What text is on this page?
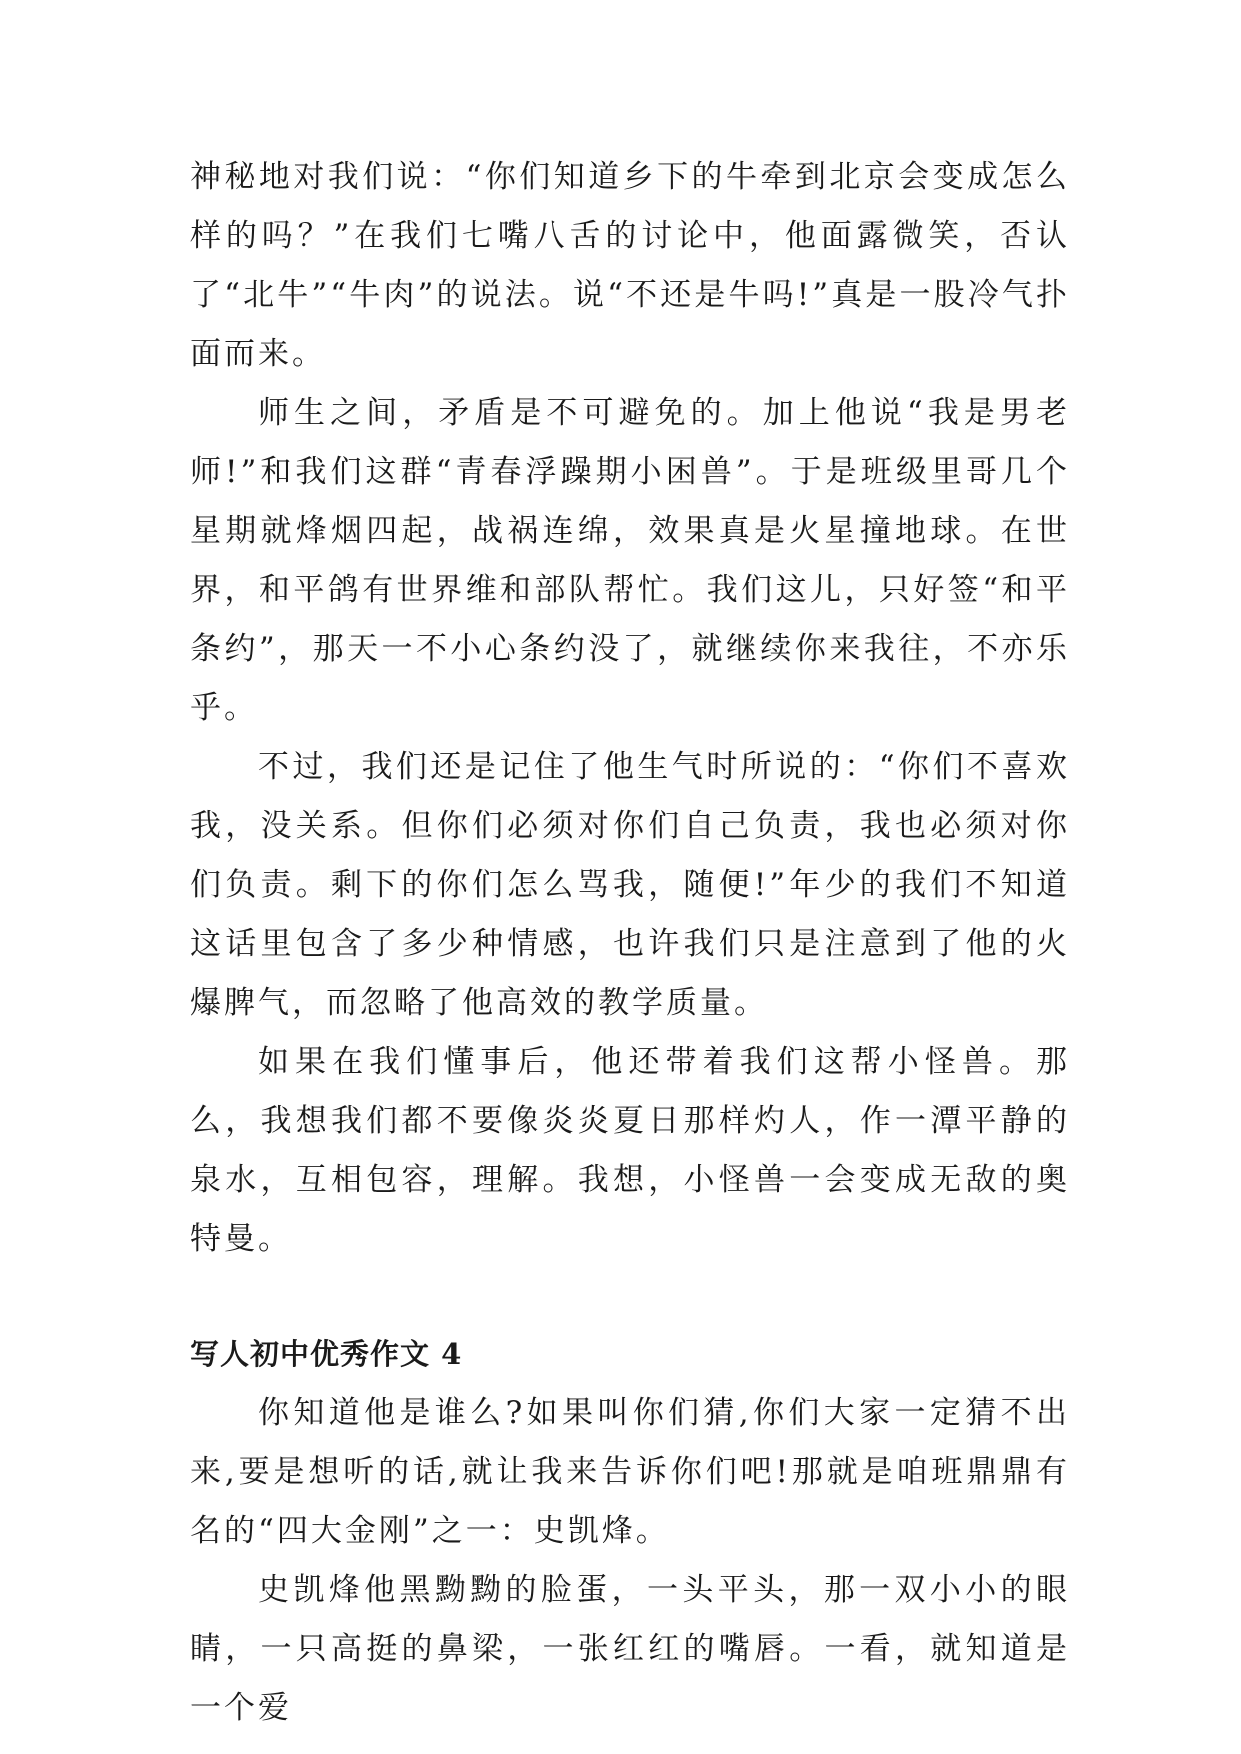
神秘地对我们说：“你们知道乡下的牛牵到北京会变成怎么样的吗？”在我们七嘴八舌的讨论中，他面露微笑，否认了“北牛”“牛肉”的说法。说“不还是牛吗!”真是一股冷气扑面而来。

师生之间，矛盾是不可避免的。加上他说“我是男老师!”和我们这群“青春浮躁期小困兽”。于是班级里哥几个星期就烽烟四起，战祸连绵，效果真是火星撞地球。在世界，和平鸽有世界维和部队帮忙。我们这儿，只好签“和平条约”，那天一不小心条约没了，就继续你来我往，不亦乐乎。

不过，我们还是记住了他生气时所说的：“你们不喜欢我，没关系。但你们必须对你们自己负责，我也必须对你们负责。剩下的你们怎么骂我，随便!”年少的我们不知道这话里包含了多少种情感，也许我们只是注意到了他的火爆脾气，而忽略了他高效的教学质量。

如果在我们懂事后，他还带着我们这帮小怪兽。那么，我想我们都不要像炎炎夏日那样灼人，作一潭平静的泉水，互相包容，理解。我想，小怪兽一会变成无敌的奥特曼。

写人初中优秀作文 4

你知道他是谁么?如果叫你们猜,你们大家一定猜不出来,要是想听的话,就让我来告诉你们吧!那就是咱班鼎鼎有名的“四大金刚”之一：史凯烽。

史凯烽他黑黝黝的脸蛋，一头平头，那一双小小的眼睛，一只高挺的鼻梁，一张红红的嘴唇。一看，就知道是一个爱
